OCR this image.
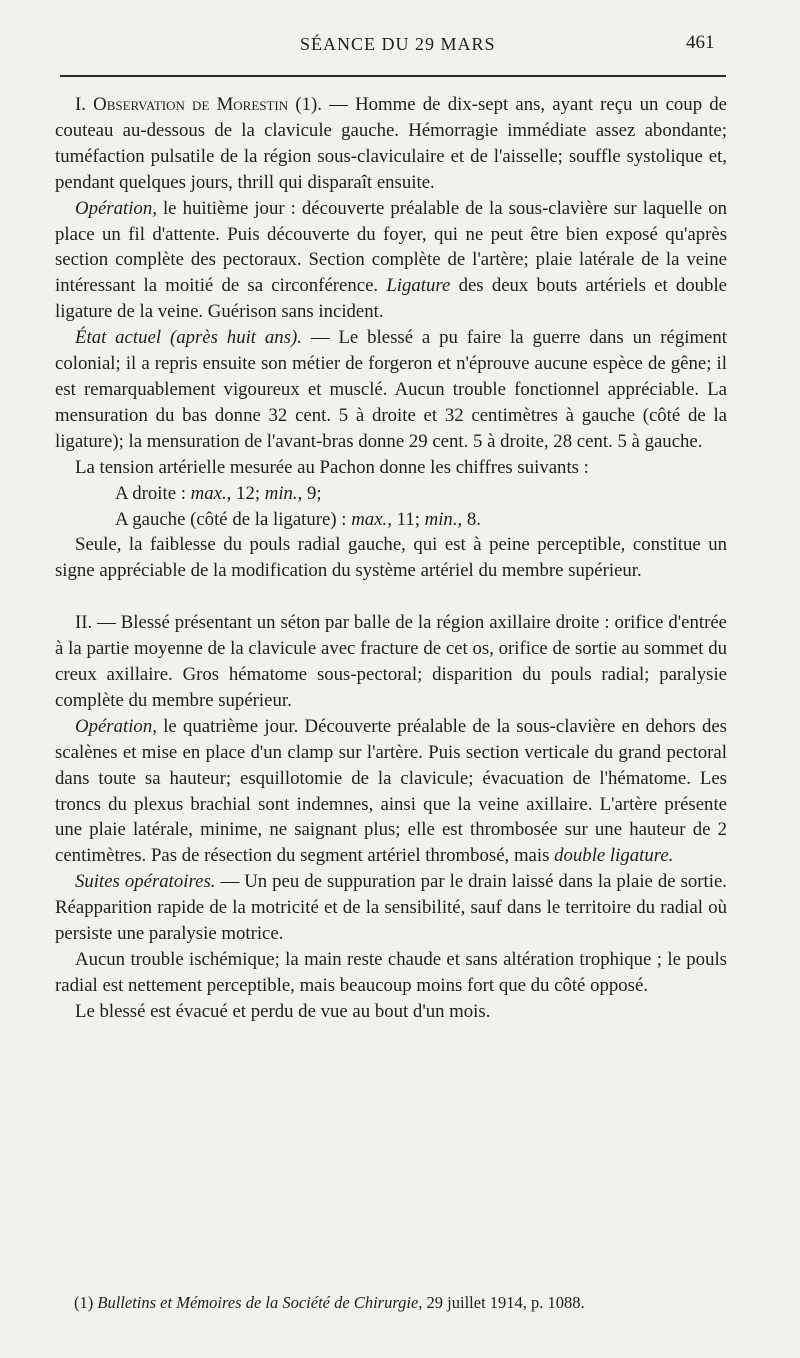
SÉANCE DU 29 MARS	461

I. Observation de Morestin (1). — Homme de dix-sept ans, ayant reçu un coup de couteau au-dessous de la clavicule gauche. Hémorragie immédiate assez abondante; tuméfaction pulsatile de la région sous-claviculaire et de l'aisselle; souffle systolique et, pendant quelques jours, thrill qui disparaît ensuite.

Opération, le huitième jour : découverte préalable de la sous-clavière sur laquelle on place un fil d'attente. Puis découverte du foyer, qui ne peut être bien exposé qu'après section complète des pectoraux. Section complète de l'artère; plaie latérale de la veine intéressant la moitié de sa circonférence. Ligature des deux bouts artériels et double ligature de la veine. Guérison sans incident.

État actuel (après huit ans). — Le blessé a pu faire la guerre dans un régiment colonial; il a repris ensuite son métier de forgeron et n'éprouve aucune espèce de gêne; il est remarquablement vigoureux et musclé. Aucun trouble fonctionnel appréciable. La mensuration du bas donne 32 cent. 5 à droite et 32 centimètres à gauche (côté de la ligature); la mensuration de l'avant-bras donne 29 cent. 5 à droite, 28 cent. 5 à gauche.

La tension artérielle mesurée au Pachon donne les chiffres suivants :

A droite : max., 12; min., 9;

A gauche (côté de la ligature) : max., 11; min., 8.

Seule, la faiblesse du pouls radial gauche, qui est à peine perceptible, constitue un signe appréciable de la modification du système artériel du membre supérieur.

II. — Blessé présentant un séton par balle de la région axillaire droite : orifice d'entrée à la partie moyenne de la clavicule avec fracture de cet os, orifice de sortie au sommet du creux axillaire. Gros hématome sous-pectoral; disparition du pouls radial; paralysie complète du membre supérieur.

Opération, le quatrième jour. Découverte préalable de la sous-clavière en dehors des scalènes et mise en place d'un clamp sur l'artère. Puis section verticale du grand pectoral dans toute sa hauteur; esquillotomie de la clavicule; évacuation de l'hématome. Les troncs du plexus brachial sont indemnes, ainsi que la veine axillaire. L'artère présente une plaie latérale, minime, ne saignant plus; elle est thrombosée sur une hauteur de 2 centimètres. Pas de résection du segment artériel thrombosé, mais double ligature.

Suites opératoires. — Un peu de suppuration par le drain laissé dans la plaie de sortie. Réapparition rapide de la motricité et de la sensibilité, sauf dans le territoire du radial où persiste une paralysie motrice.

Aucun trouble ischémique; la main reste chaude et sans altération trophique ; le pouls radial est nettement perceptible, mais beaucoup moins fort que du côté opposé.

Le blessé est évacué et perdu de vue au bout d'un mois.

(1) Bulletins et Mémoires de la Société de Chirurgie, 29 juillet 1914, p. 1088.
